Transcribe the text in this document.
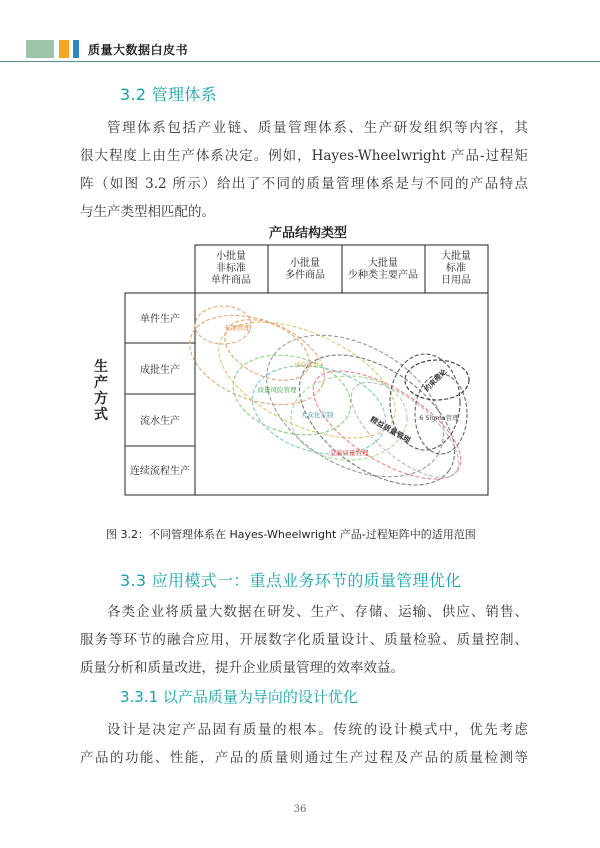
质量大数据白皮书
3.2 管理体系
管理体系包括产业链、质量管理体系、生产研发组织等内容，其
很大程度上由生产体系决定。例如，Hayes-Wheelwright 产品-过程矩
阵（如图 3.2 所示）给出了不同的质量管理体系是与不同的产品特点
与生产类型相匹配的。
产品结构类型
小批量非标准单件商品
小批量多件商品
大批量少种类主要产品
大批量标准日用品
单件生产
成批生产
流水生产
连续流程生产
生
产
方
式
专项管理
ISO体系
质量风险管理
大众化定制	精益质量管理
全面质量管理
约束理论
6 Sigma管理
图 3.2：不同管理体系在 Hayes-Wheelwright 产品-过程矩阵中的适用范围
3.3 应用模式一：重点业务环节的质量管理优化
各类企业将质量大数据在研发、生产、存储、运输、供应、销售、
服务等环节的融合应用，开展数字化质量设计、质量检验、质量控制、
质量分析和质量改进，提升企业质量管理的效率效益。
3.3.1 以产品质量为导向的设计优化
设计是决定产品固有质量的根本。传统的设计模式中，优先考虑
产品的功能、性能，产品的质量则通过生产过程及产品的质量检测等
36
